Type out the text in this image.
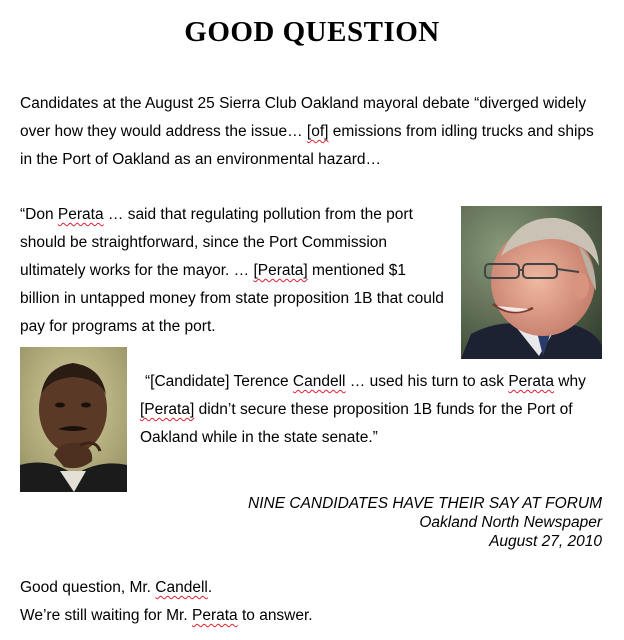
GOOD QUESTION

Candidates at the August 25 Sierra Club Oakland mayoral debate “diverged widely over how they would address the issue… [of] emissions from idling trucks and ships in the Port of Oakland as an environmental hazard…

“Don Perata … said that regulating pollution from the port should be straightforward, since the Port Commission ultimately works for the mayor. … [Perata] mentioned $1 billion in untapped money from state proposition 1B that could pay for programs at the port.

“[Candidate] Terence Candell … used his turn to ask Perata why [Perata] didn’t secure these proposition 1B funds for the Port of Oakland while in the state senate.”

NINE CANDIDATES HAVE THEIR SAY AT FORUM
Oakland North Newspaper
August 27, 2010
Good question, Mr. Candell.
We’re still waiting for Mr. Perata to answer.
